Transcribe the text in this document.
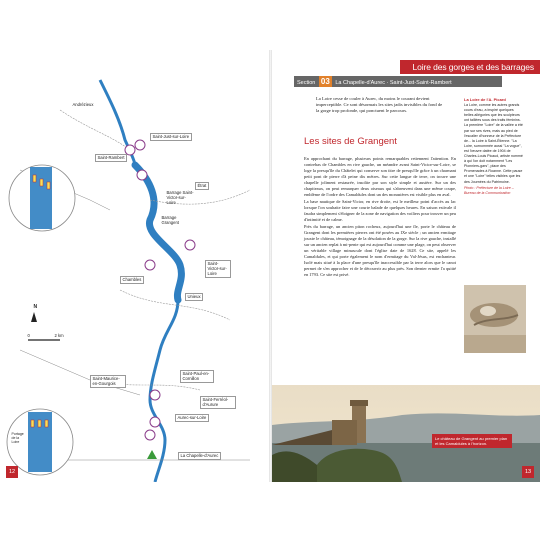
Andrézieux
Saint-Just-sur-Loire
Saint-Rambert
Barrage Saint-Victor-sur-Loire
Étrat
Barrage Grangent
Saint-Victor-sur-Loire
Chambles
Unieux
Saint-Paul-en-Cornillon
Saint-Maurice-en-Gourgois
Saint-Ferréol-d'Aurure
Aurec-sur-Loire
La Chapelle-d'Aurec
Portage de la Loire
N
0	2 km
12
Loire des gorges et des barrages
Section 03 La Chapelle-d'Aurec · Saint-Just-Saint-Rambert
La Loire cesse de couler à Aurec, du moins le courant devient imperceptible. Ce sont désormais les sites jadis invisibles du fond de la gorge trop profonde, qui ponctuent le parcours.
Les sites de Grangent

En approchant du barrage, plusieurs points remarquables retiennent l'attention. En contrebas de Chambles en rive gauche, un méandre avant Saint-Victor-sur-Loire, se loge la presqu'île du Châtelet qui conserve son titre de presqu'île grâce à un charmant petit pont de pierre d'à peine dix mètres. Sur cette langue de terre, on trouve une chapelle joliment restaurée, insolite par son style simple et austère. Sur un des chapiteaux, on peut remarquer deux oiseaux qui s'abreuvent dans une même coupe, emblème de l'ordre des Camaldules dont un des monastères est visible plus en aval.

La base nautique de Saint-Victor, en rive droite, est le meilleur point d'accès au lac lorsque l'on souhaite faire une courte balade de quelques heures. En saison estivale il faudra simplement s'éloigner de la zone de navigation des voiliers pour trouver un peu d'intimité et de calme.

Près du barrage, un ancien piton rocheux, aujourd'hui une île, porte le château de Grangent dont les premières pierres ont été posées au IXe siècle ; un ancien ermitage jouxte le château, témoignage de la désolation de la gorge. Sur la rive gauche, installé sur un ancien replat à mi-pente qui est aujourd'hui comme une plage, on peut observer un véritable village minuscule dont l'église date de 1628. Ce site, appelé les Camaldules, et qui porte également le nom d'ermitage du Val-Jésus, est enchanteur. Isolé mais situé à la place d'une presqu'île inaccessible par la terre alors que le canot permet de s'en approcher et de le découvrir au plus près. Son dernier ermite l'a quitté en 1793. Ce site est privé.

La Loire de l'A. Picard
La Loire, comme les autres grands cours d'eau, a inspiré quelques belles allégories que les sculpteurs ont taillées sous des traits féminins. La première "Loire" de la vallée a été par sur ses rives, mais au pied de l'escalier d'honneur de la Préfecture de... la Loire à Saint-Étienne. "La Loire, surnommée aussi "La vogue", est l'œuvre datée de 1904 de Charles-Louis Picaud, artiste nommé à qui l'on doit notamment "Les Pionniers-gars", place des Promenades à Roanne. Cette pause et une "Loire" telles visibles que les des Journées du Patrimoine.
Photo : Préfecture de la Loire – Bureau de la Communication
Le château de Grangent au premier plan et les Camaldules à l'horizon.
13
